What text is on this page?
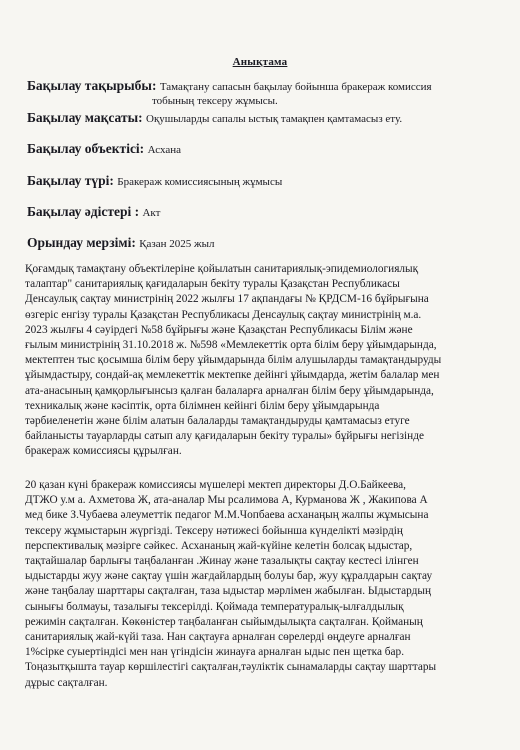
Анықтама
Бақылау тақырыбы: Тамақтану сапасын бақылау бойынша бракераж комиссия
тобының тексеру жұмысы.
Бақылау мақсаты: Оқушыларды сапалы ыстық тамақпен қамтамасыз ету.
Бақылау объектісі: Асхана
Бақылау түрі: Бракераж комиссиясының жұмысы
Бақылау әдістері : Акт
Орындау мерзімі: Қазан 2025 жыл
Қоғамдық тамақтану объектілеріне қойылатын санитариялық-эпидемиологиялық
талаптар" санитариялық қағидаларын бекіту туралы Қазақстан Республикасы
Денсаулық сақтау министрінің 2022 жылғы 17 ақпандағы № ҚРДСМ-16 бұйрығына
өзгеріс енгізу туралы Қазақстан Республикасы Денсаулық сақтау министрінің м.а.
2023 жылғы 4 сәуірдегі №58 бұйрығы және Қазақстан Республикасы Білім және
ғылым министрінің 31.10.2018 ж. №598 «Мемлекеттік орта білім беру ұйымдарында,
мектептен тыс қосымша білім беру ұйымдарында білім алушыларды тамақтандыруды
ұйымдастыру, сондай-ақ мемлекеттік мектепке дейінгі ұйымдарда, жетім балалар мен
ата-анасының қамқорлығынсыз қалған балаларға арналған білім беру ұйымдарында,
техникалық және кәсіптік, орта білімнен кейінгі білім беру ұйымдарында
тәрбиеленетін және білім алатын балаларды тамақтандыруды қамтамасыз етуге
байланысты тауарларды сатып алу қағидаларын бекіту туралы» бұйрығы негізінде
бракераж комиссиясы құрылған.
20 қазан күні бракераж комиссиясы мүшелері мектеп директоры Д.О.Байкеева,
ДТЖО у.м а. Ахметова Ж, ата-аналар Мы рсалимова А, Курманова Ж , Жакипова А
мед бике З.Чубаева әлеуметтік педагог М.М.Чопбаева асханаңың жалпы жұмысына
тексеру жұмыстарын жүргізді. Тексеру нәтижесі бойынша күнделікті мәзірдің
перспективалық мәзірге сәйкес. Асхананың жай-күйіне келетін болсақ ыдыстар,
тақтайшалар барлығы таңбаланған .Жинау және тазалықты сақтау кестесі ілінген
ыдыстарды жуу және сақтау үшін жағдайлардың болуы бар, жуу құралдарын сақтау
және таңбалау шарттары сақталған, таза ыдыстар мәрлімен жабылған. Ыдыстардың
сынығы болмауы, тазалығы тексерілді. Қоймада температуралық-ылғалдылық
режимін сақталған. Көкөністер таңбаланған сыйымдылықта сақталған. Қойманың
санитариялық жай-күйі таза. Нан сақтауға арналған сөрелерді өңдеуге арналған
1%сірке суыертіндісі мен нан үгіндісін жинауға арналған ыдыс пен щетка бар.
Тоңазытқышта тауар көршілестігі сақталған,тәуліктік сынамаларды сақтау шарттары
дұрыс сақталған.
